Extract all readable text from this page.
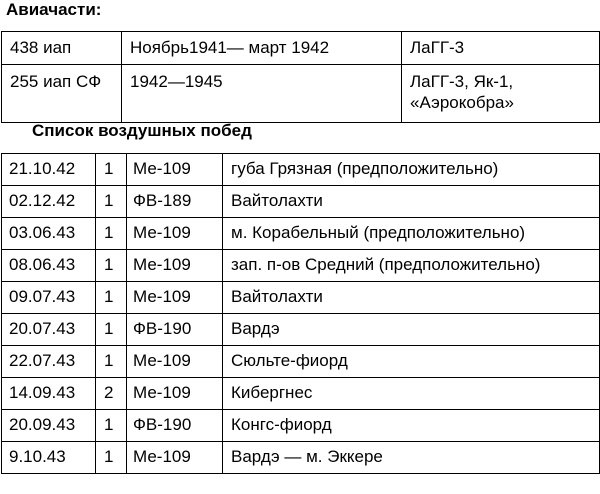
Авиачасти:
438 иап	Ноябрь1941— март 1942	ЛаГГ-3
255 иап СФ	1942—1945	ЛаГГ-3, Як-1, «Аэрокобра»
Список воздушных побед
21.10.42	1	Ме-109	губа Грязная (предположительно)
02.12.42	1	ФВ-189	Вайтолахти
03.06.43	1	Ме-109	м. Корабельный (предположительно)
08.06.43	1	Ме-109	зап. п-ов Средний (предположительно)
09.07.43	1	Ме-109	Вайтолахти
20.07.43	1	ФВ-190	Вардэ
22.07.43	1	Ме-109	Сюльте-фиорд
14.09.43	2	Ме-109	Кибергнес
20.09.43	1	ФВ-190	Конгс-фиорд
9.10.43	1	Ме-109	Вардэ — м. Эккере
